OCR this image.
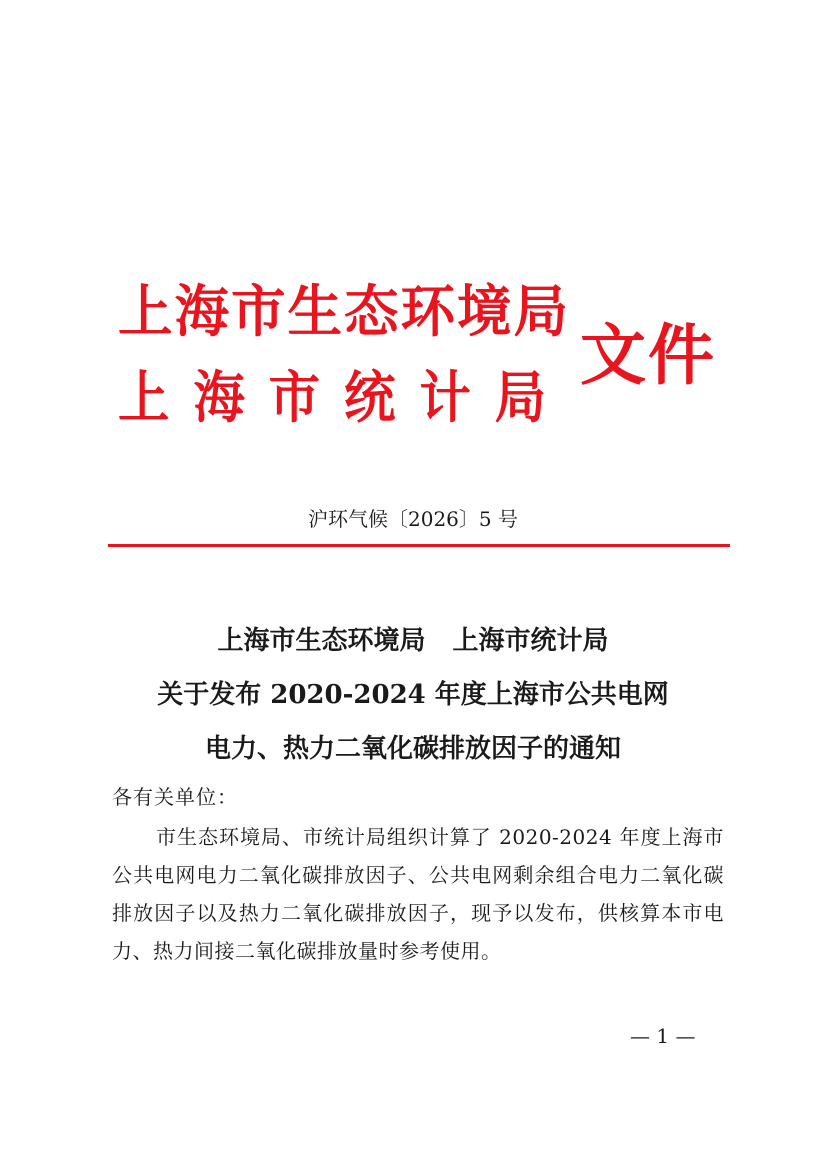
上海市生态环境局
上海市统计局
文件
沪环气候〔2026〕5 号
上海市生态环境局 上海市统计局
关于发布 2020-2024 年度上海市公共电网
电力、热力二氧化碳排放因子的通知
各有关单位：

市生态环境局、市统计局组织计算了 2020-2024 年度上海市公共电网电力二氧化碳排放因子、公共电网剩余组合电力二氧化碳排放因子以及热力二氧化碳排放因子，现予以发布，供核算本市电力、热力间接二氧化碳排放量时参考使用。

— 1 —
